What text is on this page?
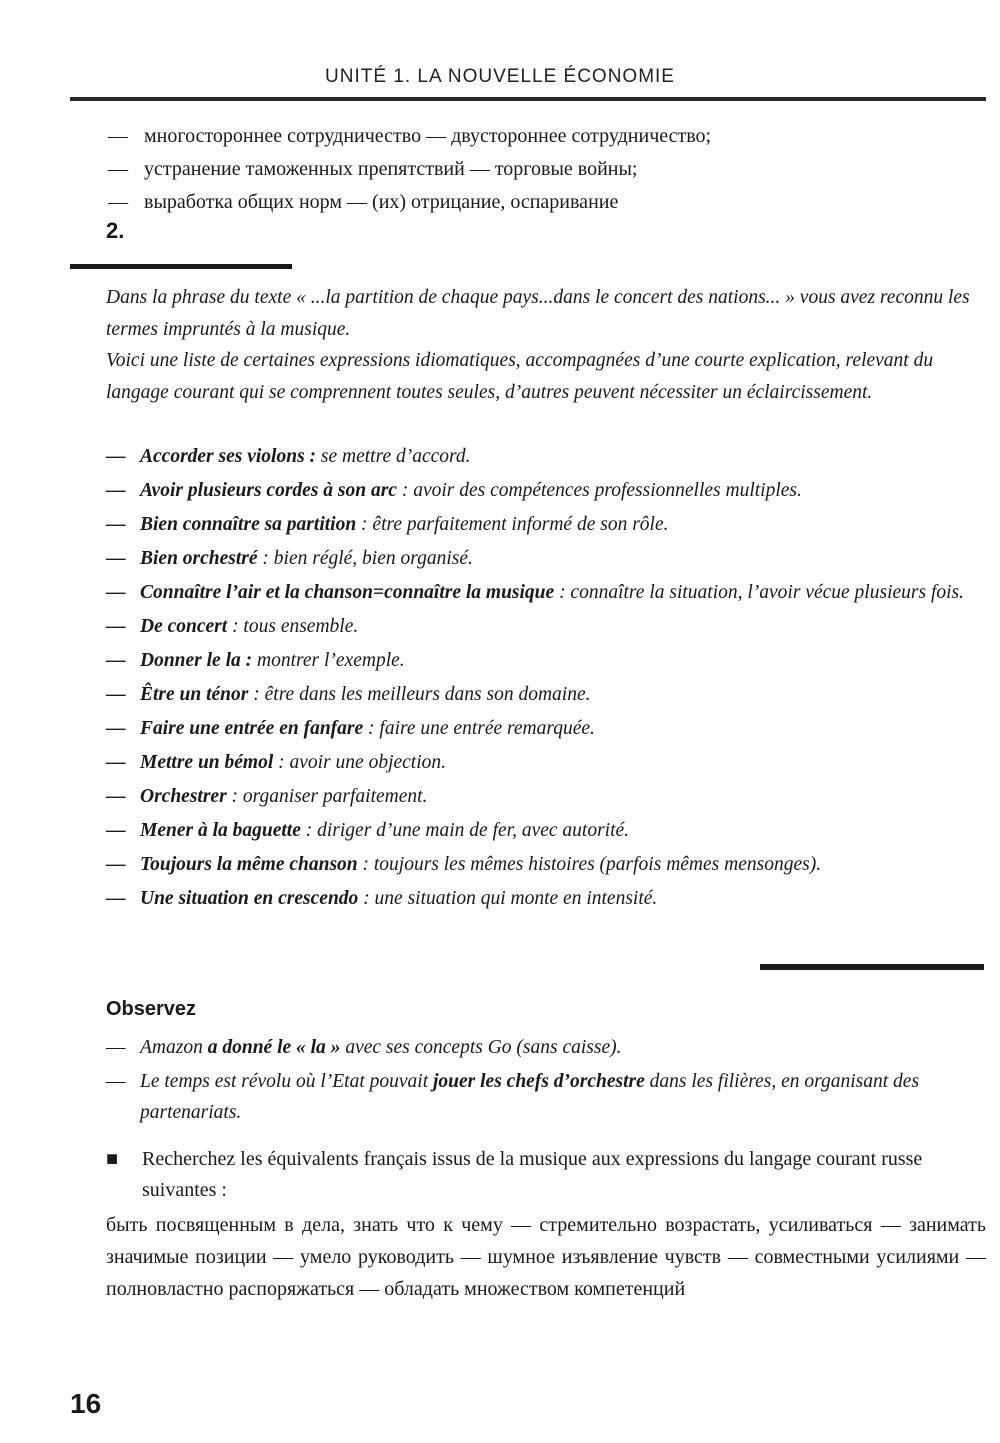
UNITÉ 1. LA NOUVELLE ÉCONOMIE
— многостороннее сотрудничество — двустороннее сотрудничество;
— устранение таможенных препятствий — торговые войны;
— выработка общих норм — (их) отрицание, оспаривание
2.

Dans la phrase du texte « ...la partition de chaque pays...dans le concert des nations... » vous avez reconnu les termes impruntés à la musique.

Voici une liste de certaines expressions idiomatiques, accompagnées d’une courte explication, relevant du langage courant qui se comprennent toutes seules, d’autres peuvent nécessiter un éclaircissement.

— Accorder ses violons : se mettre d’accord.
— Avoir plusieurs cordes à son arc : avoir des compétences professionnelles multiples.
— Bien connaître sa partition : être parfaitement informé de son rôle.
— Bien orchestré : bien réglé, bien organisé.
— Connaître l’air et la chanson=connaître la musique : connaître la situation, l’avoir vécue plusieurs fois.
— De concert : tous ensemble.
— Donner le la : montrer l’exemple.
— Être un ténor : être dans les meilleurs dans son domaine.
— Faire une entrée en fanfare : faire une entrée remarquée.
— Mettre un bémol : avoir une objection.
— Orchestrer : organiser parfaitement.
— Mener à la baguette : diriger d’une main de fer, avec autorité.
— Toujours la même chanson : toujours les mêmes histoires (parfois mêmes mensonges).
— Une situation en crescendo : une situation qui monte en intensité.
Observez
— Amazon a donné le « la » avec ses concepts Go (sans caisse).
— Le temps est révolu où l’Etat pouvait jouer les chefs d’orchestre dans les filières, en organisant des partenariats.
■	Recherchez les équivalents français issus de la musique aux expressions du langage courant russe suivantes :
быть посвященным в дела, знать что к чему — стремительно возрастать, усиливаться — занимать значимые позиции — умело руководить — шумное изъявление чувств — совместными усилиями — полновластно распоряжаться — обладать множеством компетенций
16
